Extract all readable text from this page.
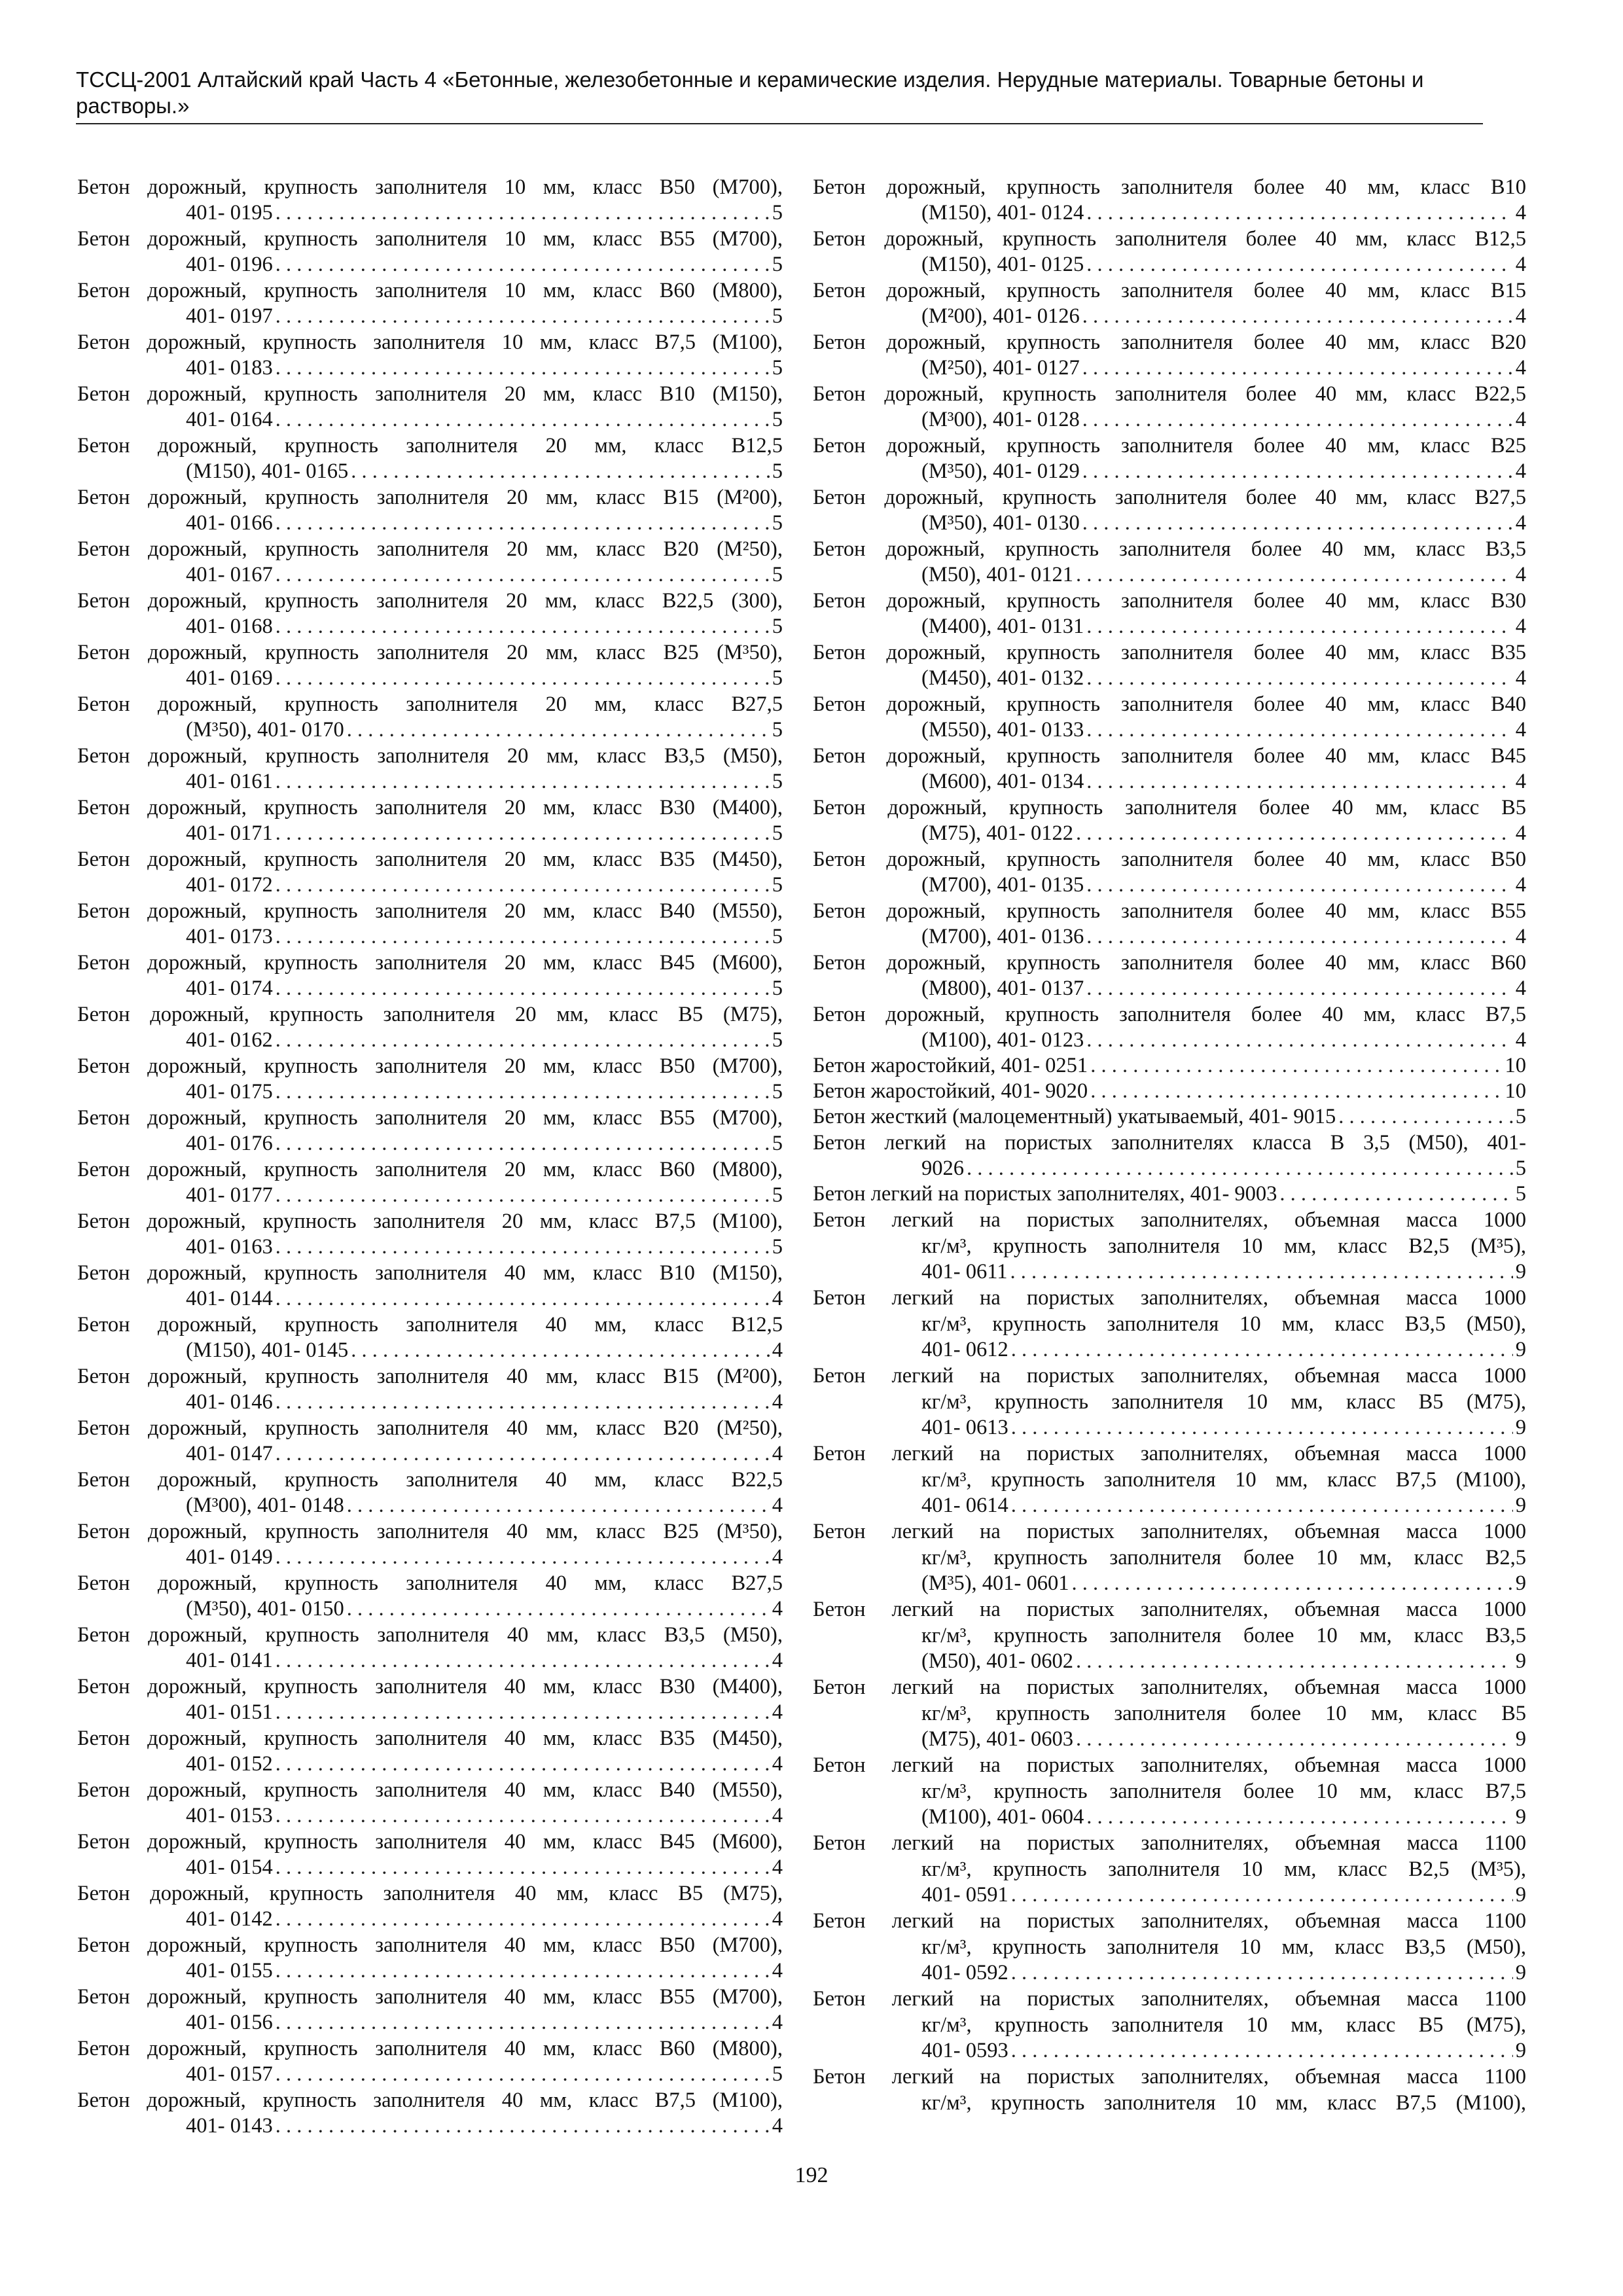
ТССЦ-2001 Алтайский край Часть 4 «Бетонные, железобетонные и керамические изделия. Нерудные материалы. Товарные бетоны и
растворы.»
Бетон дорожный, крупность заполнителя 10 мм, класс В50 (М700),
401- 0195 . . .	5
Бетон дорожный, крупность заполнителя 10 мм, класс В55 (М700),
401- 0196 . . .	5
Бетон дорожный, крупность заполнителя 10 мм, класс В60 (М800),
401- 0197 . . .	5
Бетон дорожный, крупность заполнителя 10 мм, класс В7,5 (М100),
401- 0183 . . .	5
Бетон дорожный, крупность заполнителя 20 мм, класс В10 (М150),
401- 0164 . . .	5
Бетон дорожный, крупность заполнителя 20 мм, класс В12,5
(М150), 401- 0165 . . .	5
Бетон дорожный, крупность заполнителя 20 мм, класс В15 (М²00),
401- 0166 . . .	5
Бетон дорожный, крупность заполнителя 20 мм, класс В20 (М²50),
401- 0167 . . .	5
Бетон дорожный, крупность заполнителя 20 мм, класс В22,5 (300),
401- 0168 . . .	5
Бетон дорожный, крупность заполнителя 20 мм, класс В25 (М³50),
401- 0169 . . .	5
Бетон дорожный, крупность заполнителя 20 мм, класс В27,5
(М³50), 401- 0170 . . .	5
Бетон дорожный, крупность заполнителя 20 мм, класс В3,5 (М50),
401- 0161 . . .	5
Бетон дорожный, крупность заполнителя 20 мм, класс В30 (М400),
401- 0171 . . .	5
Бетон дорожный, крупность заполнителя 20 мм, класс В35 (М450),
401- 0172 . . .	5
Бетон дорожный, крупность заполнителя 20 мм, класс В40 (М550),
401- 0173 . . .	5
Бетон дорожный, крупность заполнителя 20 мм, класс В45 (М600),
401- 0174 . . .	5
Бетон дорожный, крупность заполнителя 20 мм, класс В5 (М75),
401- 0162 . . .	5
Бетон дорожный, крупность заполнителя 20 мм, класс В50 (М700),
401- 0175 . . .	5
Бетон дорожный, крупность заполнителя 20 мм, класс В55 (М700),
401- 0176 . . .	5
Бетон дорожный, крупность заполнителя 20 мм, класс В60 (М800),
401- 0177 . . .	5
Бетон дорожный, крупность заполнителя 20 мм, класс В7,5 (М100),
401- 0163 . . .	5
Бетон дорожный, крупность заполнителя 40 мм, класс В10 (М150),
401- 0144 . . .	4
Бетон дорожный, крупность заполнителя 40 мм, класс В12,5
(М150), 401- 0145 . . .	4
Бетон дорожный, крупность заполнителя 40 мм, класс В15 (М²00),
401- 0146 . . .	4
Бетон дорожный, крупность заполнителя 40 мм, класс В20 (М²50),
401- 0147 . . .	4
Бетон дорожный, крупность заполнителя 40 мм, класс В22,5
(М³00), 401- 0148 . . .	4
Бетон дорожный, крупность заполнителя 40 мм, класс В25 (М³50),
401- 0149 . . .	4
Бетон дорожный, крупность заполнителя 40 мм, класс В27,5
(М³50), 401- 0150 . . .	4
Бетон дорожный, крупность заполнителя 40 мм, класс В3,5 (М50),
401- 0141 . . .	4
Бетон дорожный, крупность заполнителя 40 мм, класс В30 (М400),
401- 0151 . . .	4
Бетон дорожный, крупность заполнителя 40 мм, класс В35 (М450),
401- 0152 . . .	4
Бетон дорожный, крупность заполнителя 40 мм, класс В40 (М550),
401- 0153 . . .	4
Бетон дорожный, крупность заполнителя 40 мм, класс В45 (М600),
401- 0154 . . .	4
Бетон дорожный, крупность заполнителя 40 мм, класс В5 (М75),
401- 0142 . . .	4
Бетон дорожный, крупность заполнителя 40 мм, класс В50 (М700),
401- 0155 . . .	4
Бетон дорожный, крупность заполнителя 40 мм, класс В55 (М700),
401- 0156 . . .	4
Бетон дорожный, крупность заполнителя 40 мм, класс В60 (М800),
401- 0157 . . .	5
Бетон дорожный, крупность заполнителя 40 мм, класс В7,5 (М100),
401- 0143 . . .	4
Бетон дорожный, крупность заполнителя более 40 мм, класс В10
(М150), 401- 0124 . . .	4
Бетон дорожный, крупность заполнителя более 40 мм, класс В12,5
(М150), 401- 0125 . . .	4
Бетон дорожный, крупность заполнителя более 40 мм, класс В15
(М²00), 401- 0126 . . .	4
Бетон дорожный, крупность заполнителя более 40 мм, класс В20
(М²50), 401- 0127 . . .	4
Бетон дорожный, крупность заполнителя более 40 мм, класс В22,5
(М³00), 401- 0128 . . .	4
Бетон дорожный, крупность заполнителя более 40 мм, класс В25
(М³50), 401- 0129 . . .	4
Бетон дорожный, крупность заполнителя более 40 мм, класс В27,5
(М³50), 401- 0130 . . .	4
Бетон дорожный, крупность заполнителя более 40 мм, класс В3,5
(М50), 401- 0121 . . .	4
Бетон дорожный, крупность заполнителя более 40 мм, класс В30
(М400), 401- 0131 . . .	4
Бетон дорожный, крупность заполнителя более 40 мм, класс В35
(М450), 401- 0132 . . .	4
Бетон дорожный, крупность заполнителя более 40 мм, класс В40
(М550), 401- 0133 . . .	4
Бетон дорожный, крупность заполнителя более 40 мм, класс В45
(М600), 401- 0134 . . .	4
Бетон дорожный, крупность заполнителя более 40 мм, класс В5
(М75), 401- 0122 . . .	4
Бетон дорожный, крупность заполнителя более 40 мм, класс В50
(М700), 401- 0135 . . .	4
Бетон дорожный, крупность заполнителя более 40 мм, класс В55
(М700), 401- 0136 . . .	4
Бетон дорожный, крупность заполнителя более 40 мм, класс В60
(М800), 401- 0137 . . .	4
Бетон дорожный, крупность заполнителя более 40 мм, класс В7,5
(М100), 401- 0123 . . .	4
Бетон жаростойкий, 401- 0251 . . .	10
Бетон жаростойкий, 401- 9020 . . .	10
Бетон жесткий (малоцементный) укатываемый, 401- 9015 . . .	5
Бетон легкий на пористых заполнителях класса В 3,5 (М50), 401-
9026 . . .	5
Бетон легкий на пористых заполнителях, 401- 9003 . . .	5
Бетон легкий на пористых заполнителях, объемная масса 1000
кг/м³, крупность заполнителя 10 мм, класс В2,5 (М³5),
401- 0611 . . .	9
Бетон легкий на пористых заполнителях, объемная масса 1000
кг/м³, крупность заполнителя 10 мм, класс В3,5 (М50),
401- 0612 . . .	9
Бетон легкий на пористых заполнителях, объемная масса 1000
кг/м³, крупность заполнителя 10 мм, класс В5 (М75),
401- 0613 . . .	9
Бетон легкий на пористых заполнителях, объемная масса 1000
кг/м³, крупность заполнителя 10 мм, класс В7,5 (М100),
401- 0614 . . .	9
Бетон легкий на пористых заполнителях, объемная масса 1000
кг/м³, крупность заполнителя более 10 мм, класс В2,5
(М³5), 401- 0601 . . .	9
Бетон легкий на пористых заполнителях, объемная масса 1000
кг/м³, крупность заполнителя более 10 мм, класс В3,5
(М50), 401- 0602 . . .	9
Бетон легкий на пористых заполнителях, объемная масса 1000
кг/м³, крупность заполнителя более 10 мм, класс В5
(М75), 401- 0603 . . .	9
Бетон легкий на пористых заполнителях, объемная масса 1000
кг/м³, крупность заполнителя более 10 мм, класс В7,5
(М100), 401- 0604 . . .	9
Бетон легкий на пористых заполнителях, объемная масса 1100
кг/м³, крупность заполнителя 10 мм, класс В2,5 (М³5),
401- 0591 . . .	9
Бетон легкий на пористых заполнителях, объемная масса 1100
кг/м³, крупность заполнителя 10 мм, класс В3,5 (М50),
401- 0592 . . .	9
Бетон легкий на пористых заполнителях, объемная масса 1100
кг/м³, крупность заполнителя 10 мм, класс В5 (М75),
401- 0593 . . .	9
Бетон легкий на пористых заполнителях, объемная масса 1100
кг/м³, крупность заполнителя 10 мм, класс В7,5 (М100),
192
